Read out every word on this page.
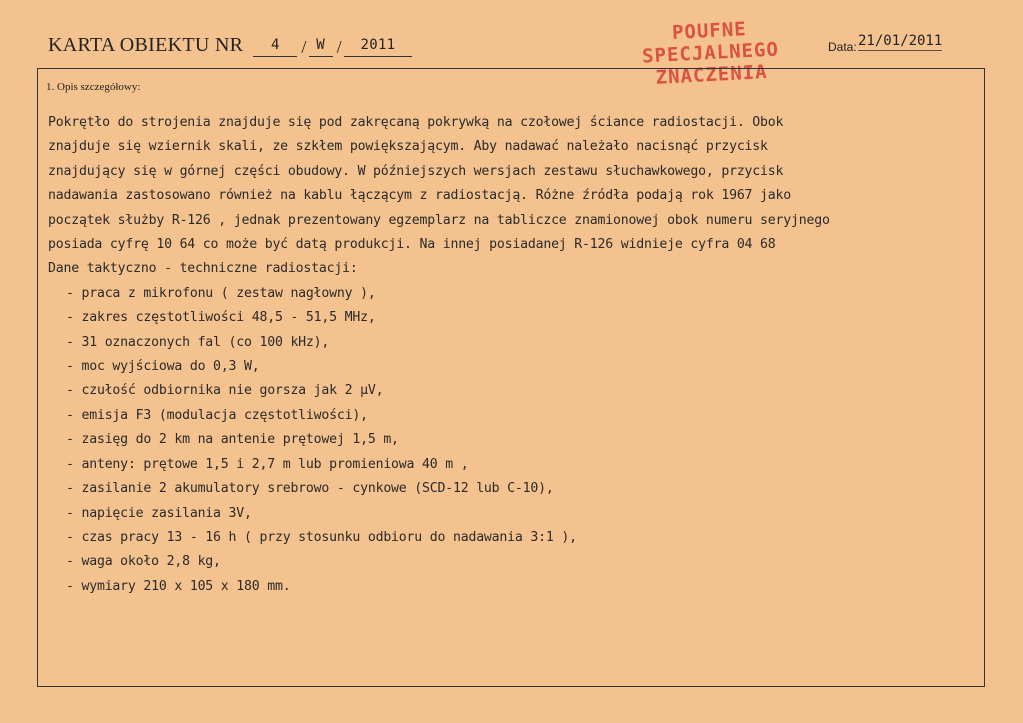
KARTA OBIEKTU NR	4	/ W /	2011
POUFNE
SPECJALNEGO
ZNACZENIA
Data: 21/01/2011
1. Opis szczegółowy:
Pokrętło do strojenia znajduje się pod zakręcaną pokrywką na czołowej ściance radiostacji. Obok
znajduje się wziernik skali, ze szkłem powiększającym. Aby nadawać należało nacisnąć przycisk
znajdujący się w górnej części obudowy. W późniejszych wersjach zestawu słuchawkowego, przycisk
nadawania zastosowano również na kablu łączącym z radiostacją. Różne źródła podają rok 1967 jako
początek służby R-126 , jednak prezentowany egzemplarz na tabliczce znamionowej obok numeru seryjnego
posiada cyfrę 10 64 co może być datą produkcji. Na innej posiadanej R-126 widnieje cyfra 04 68
Dane taktyczno - techniczne radiostacji:
- praca z mikrofonu ( zestaw nagłowny ),
- zakres częstotliwości 48,5 - 51,5 MHz,
- 31 oznaczonych fal (co 100 kHz),
- moc wyjściowa do 0,3 W,
- czułość odbiornika nie gorsza jak 2 μV,
- emisja F3 (modulacja częstotliwości),
- zasięg do 2 km na antenie prętowej 1,5 m,
- anteny: prętowe 1,5 i 2,7 m lub promieniowa 40 m ,
- zasilanie 2 akumulatory srebrowo - cynkowe (SCD-12 lub C-10),
- napięcie zasilania 3V,
- czas pracy 13 - 16 h ( przy stosunku odbioru do nadawania 3:1 ),
- waga około 2,8 kg,
- wymiary 210 x 105 x 180 mm.
